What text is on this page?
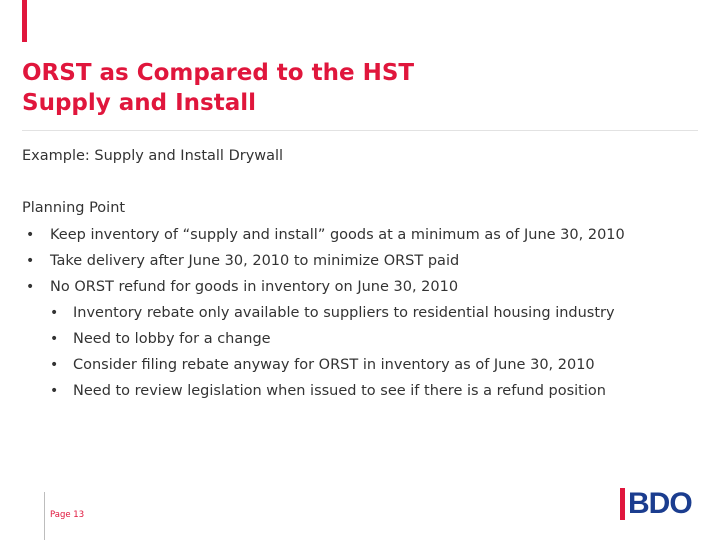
ORST as Compared to the HST
Supply and Install
Example: Supply and Install Drywall
Planning Point
• Keep inventory of “supply and install” goods at a minimum as of June 30, 2010
• Take delivery after June 30, 2010 to minimize ORST paid
• No ORST refund for goods in inventory on June 30, 2010
• Inventory rebate only available to suppliers to residential housing industry
• Need to lobby for a change
• Consider filing rebate anyway for ORST in inventory as of June 30, 2010
• Need to review legislation when issued to see if there is a refund position
Page 13	BDO
